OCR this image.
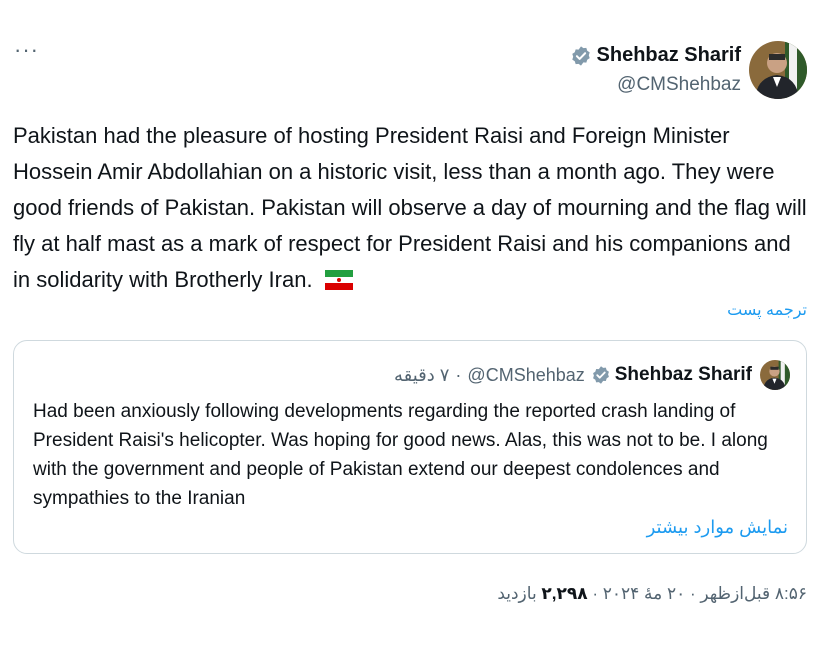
···	Shehbaz Sharif
@CMShehbaz
Pakistan had the pleasure of hosting President Raisi and Foreign Minister Hossein Amir Abdollahian on a historic visit, less than a month ago. They were good friends of Pakistan. Pakistan will observe a day of mourning and the flag will fly at half mast as a mark of respect for President Raisi and his companions and in solidarity with Brotherly Iran.
ترجمه پست
۷ دقیقه · @CMShehbaz Shehbaz Sharif
Had been anxiously following developments regarding the reported crash landing of President Raisi's helicopter. Was hoping for good news. Alas, this was not to be. I along with the government and people of Pakistan extend our deepest condolences and sympathies to the Iranian
نمایش موارد بیشتر
۸:۵۶ قبل‌ازظهر · ۲۰ مهٔ ۲۰۲۴ · ۲,۲۹۸ بازدید
